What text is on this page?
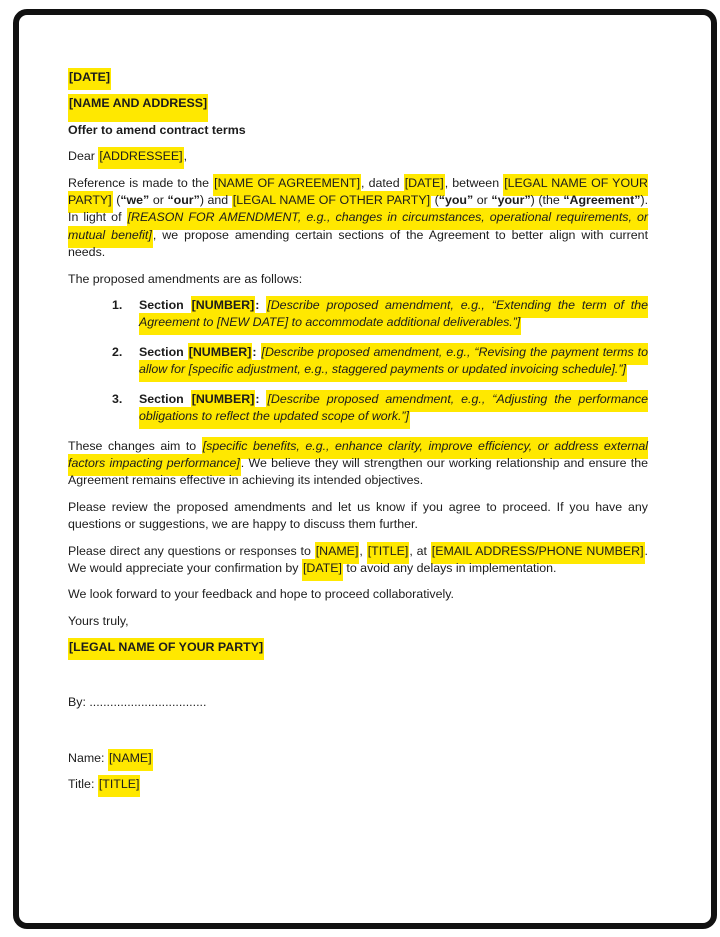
[DATE]

[NAME AND ADDRESS]

Offer to amend contract terms

Dear [ADDRESSEE],

Reference is made to the [NAME OF AGREEMENT], dated [DATE], between [LEGAL NAME OF YOUR PARTY] (“we” or “our”) and [LEGAL NAME OF OTHER PARTY] (“you” or “your”) (the “Agreement”). In light of [REASON FOR AMENDMENT, e.g., changes in circumstances, operational requirements, or mutual benefit], we propose amending certain sections of the Agreement to better align with current needs.

The proposed amendments are as follows:

1. Section [NUMBER]: [Describe proposed amendment, e.g., “Extending the term of the Agreement to [NEW DATE] to accommodate additional deliverables.”]
2. Section [NUMBER]: [Describe proposed amendment, e.g., “Revising the payment terms to allow for [specific adjustment, e.g., staggered payments or updated invoicing schedule].”]
3. Section [NUMBER]: [Describe proposed amendment, e.g., “Adjusting the performance obligations to reflect the updated scope of work.”]

These changes aim to [specific benefits, e.g., enhance clarity, improve efficiency, or address external factors impacting performance]. We believe they will strengthen our working relationship and ensure the Agreement remains effective in achieving its intended objectives.

Please review the proposed amendments and let us know if you agree to proceed. If you have any questions or suggestions, we are happy to discuss them further.

Please direct any questions or responses to [NAME], [TITLE], at [EMAIL ADDRESS/PHONE NUMBER]. We would appreciate your confirmation by [DATE] to avoid any delays in implementation.

We look forward to your feedback and hope to proceed collaboratively.

Yours truly,

[LEGAL NAME OF YOUR PARTY]

By: ..................................

Name: [NAME]

Title: [TITLE]
